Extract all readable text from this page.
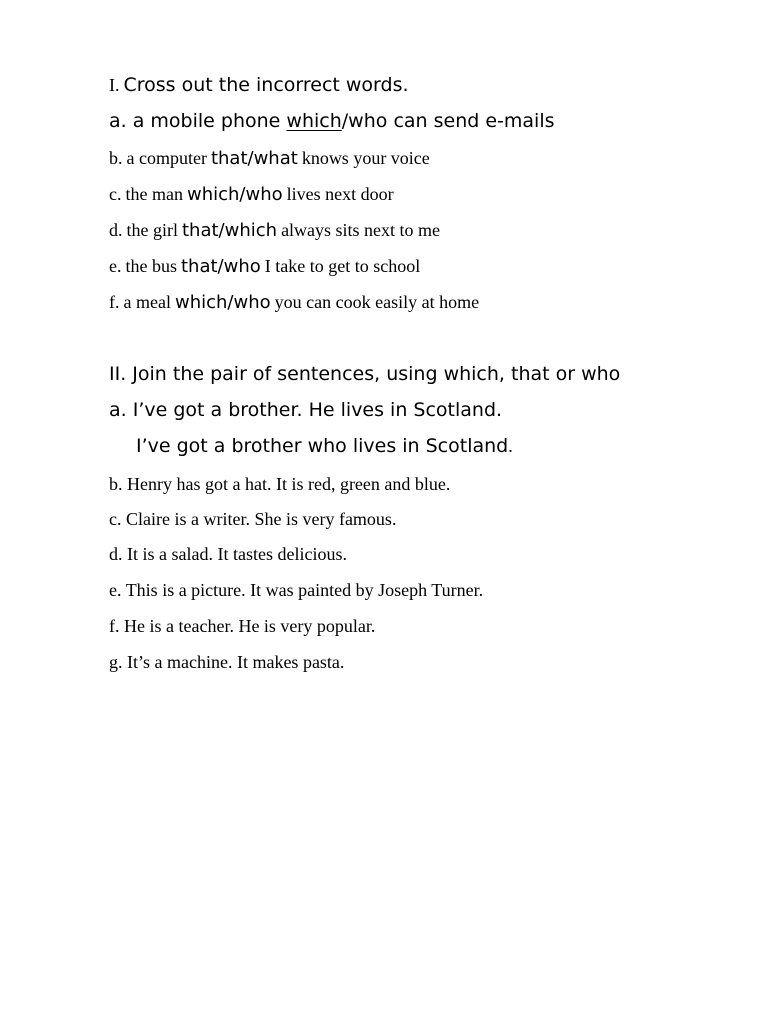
I. Cross out the incorrect words.
a. a mobile phone which/who can send e-mails
b. a computer that/what knows your voice
c. the man which/who lives next door
d. the girl that/which always sits next to me
e. the bus that/who I take to get to school
f. a meal which/who you can cook easily at home
II. Join the pair of sentences, using which, that or who
a. I’ve got a brother. He lives in Scotland.
I’ve got a brother who lives in Scotland.
b. Henry has got a hat. It is red, green and blue.
c. Claire is a writer. She is very famous.
d. It is a salad. It tastes delicious.
e. This is a picture. It was painted by Joseph Turner.
f. He is a teacher. He is very popular.
g. It’s a machine. It makes pasta.
